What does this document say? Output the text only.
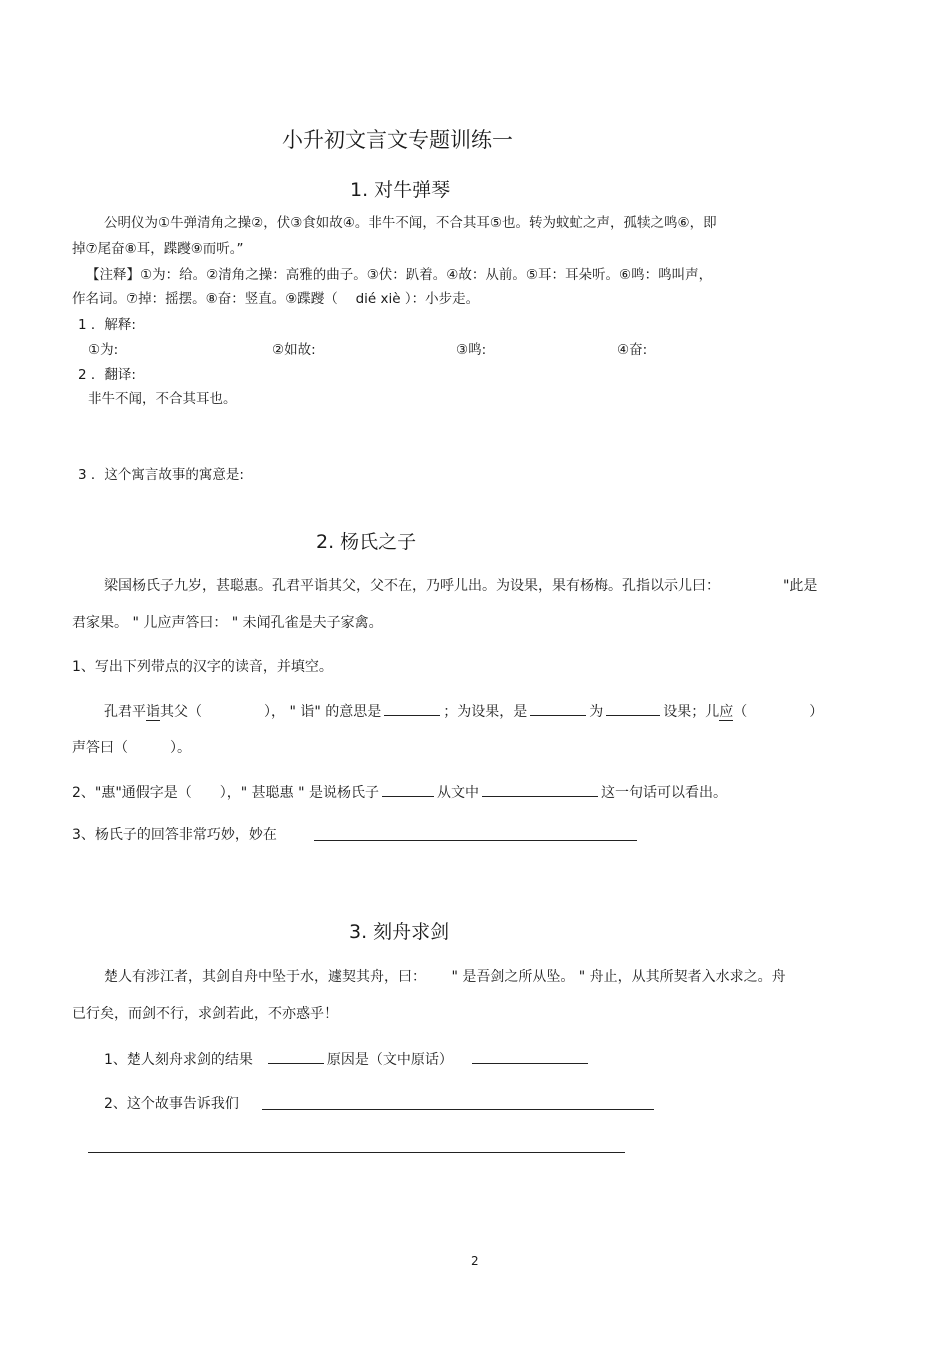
小升初文言文专题训练一
1. 对牛弹琴
公明仪为①牛弹清角之操②，伏③食如故④。非牛不闻，不合其耳⑤也。转为蚊虻之声，孤犊之鸣⑥，即
掉⑦尾奋⑧耳，蹀躞⑨而听。”
【注释】①为：给。②清角之操：高雅的曲子。③伏：趴着。④故：从前。⑤耳：耳朵听。⑥鸣：鸣叫声，
作名词。⑦掉：摇摆。⑧奋：竖直。⑨蹀躞（　 dié xiè ）：小步走。
1 ．解释:
①为:	②如故:	③鸣:	④奋:
2 ．翻译:
非牛不闻，不合其耳也。
3 ．这个寓言故事的寓意是:
2. 杨氏之子
梁国杨氏子九岁，甚聪惠。孔君平诣其父，父不在，乃呼儿出。为设果，果有杨梅。孔指以示儿曰：　　　　　"此是
君家果。 " 儿应声答曰： " 未闻孔雀是夫子家禽。
1、写出下列带点的汉字的读音，并填空。
孔君平诣其父（	）， " 诣" 的意思是	；为设果，是	为	设果；儿应（	）
声答曰（　　　）。
2、"惠"通假字是（　　），" 甚聪惠 " 是说杨氏子	从文中	这一句话可以看出。
3、杨氏子的回答非常巧妙，妙在
3. 刻舟求剑
楚人有涉江者，其剑自舟中坠于水，遽契其舟，曰：　　 " 是吾剑之所从坠。 " 舟止，从其所契者入水求之。舟
已行矣，而剑不行，求剑若此，不亦惑乎！
1、楚人刻舟求剑的结果	原因是（文中原话）
2、这个故事告诉我们
2
